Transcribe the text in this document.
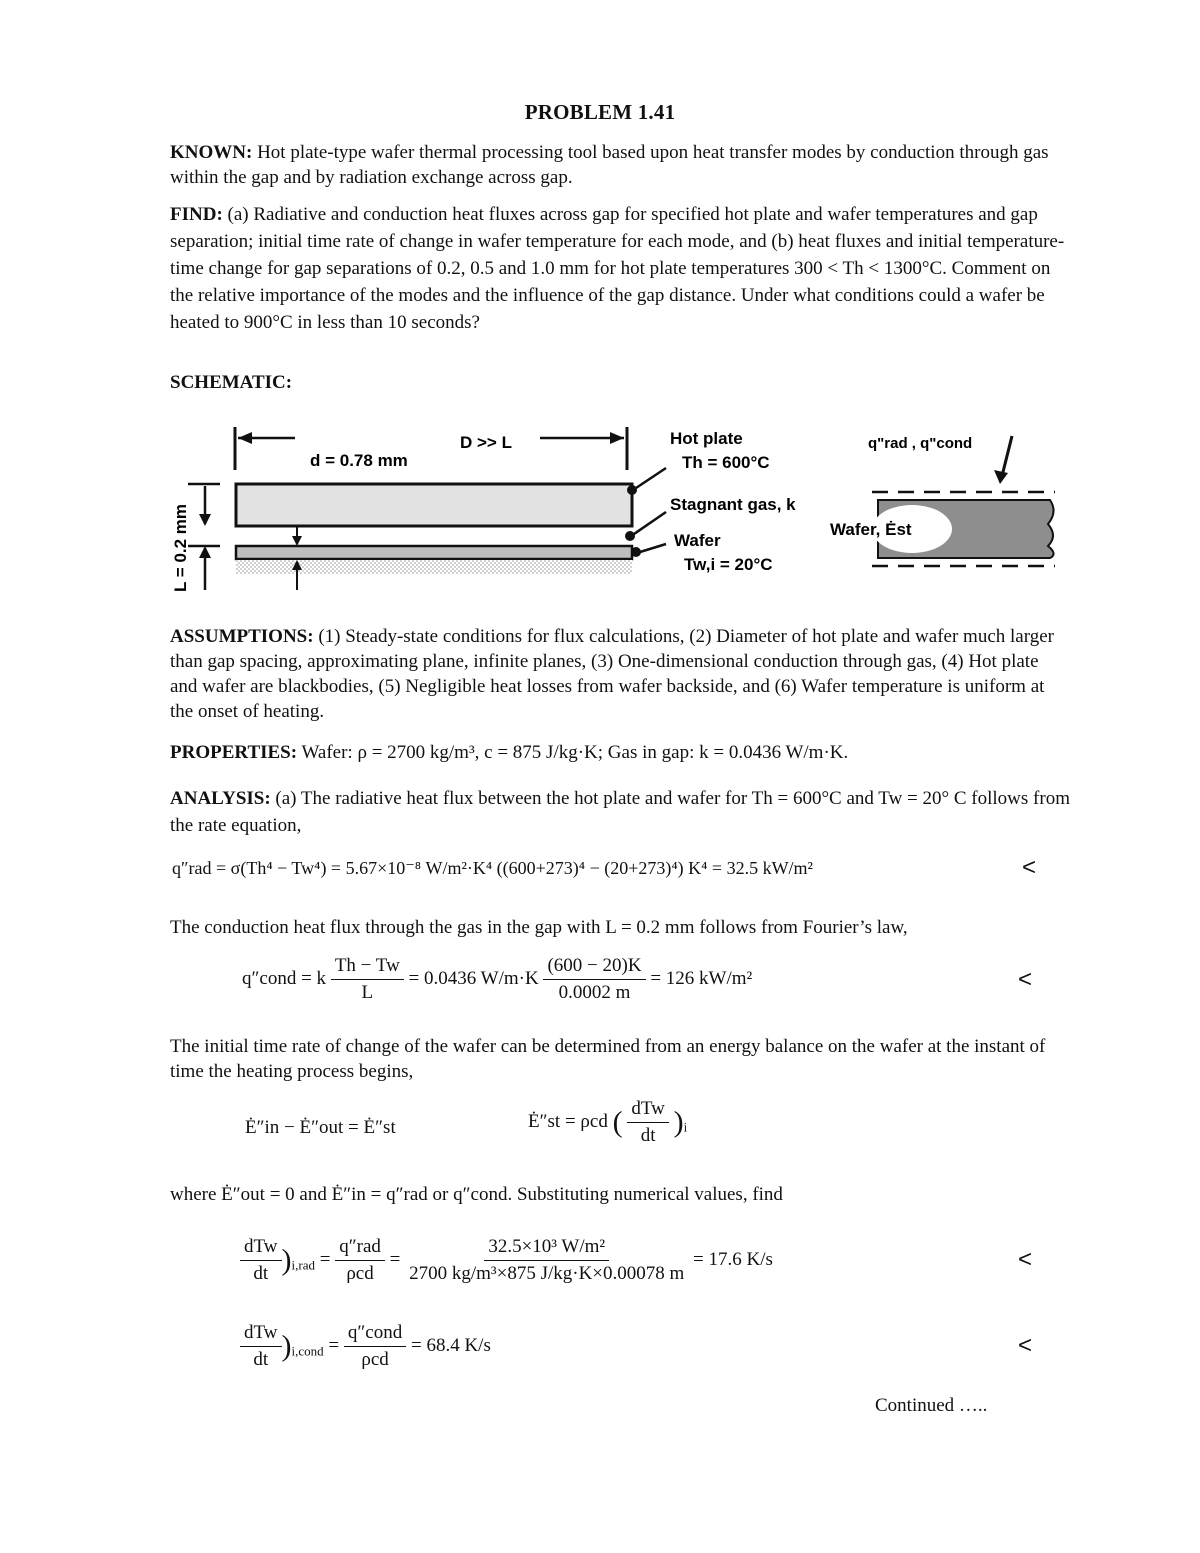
PROBLEM 1.41
KNOWN: Hot plate-type wafer thermal processing tool based upon heat transfer modes by conduction through gas within the gap and by radiation exchange across gap.
FIND: (a) Radiative and conduction heat fluxes across gap for specified hot plate and wafer temperatures and gap separation; initial time rate of change in wafer temperature for each mode, and (b) heat fluxes and initial temperature-time change for gap separations of 0.2, 0.5 and 1.0 mm for hot plate temperatures 300 < Th < 1300°C. Comment on the relative importance of the modes and the influence of the gap distance. Under what conditions could a wafer be heated to 900°C in less than 10 seconds?
SCHEMATIC:
d = 0.78 mm
D >> L
L = 0.2 mm
Hot plate
Th = 600°C
Stagnant gas, k
Wafer
Tw,i = 20°C
q"rad , q"cond
Wafer, Ėst
ASSUMPTIONS: (1) Steady-state conditions for flux calculations, (2) Diameter of hot plate and wafer much larger than gap spacing, approximating plane, infinite planes, (3) One-dimensional conduction through gas, (4) Hot plate and wafer are blackbodies, (5) Negligible heat losses from wafer backside, and (6) Wafer temperature is uniform at the onset of heating.
PROPERTIES: Wafer: ρ = 2700 kg/m³, c = 875 J/kg·K; Gas in gap: k = 0.0436 W/m·K.
ANALYSIS: (a) The radiative heat flux between the hot plate and wafer for Th = 600°C and Tw = 20° C follows from the rate equation,
q″rad = σ(Th⁴ − Tw⁴) = 5.67×10⁻⁸ W/m²·K⁴ ((600+273)⁴ − (20+273)⁴) K⁴ = 32.5 kW/m²	<
The conduction heat flux through the gas in the gap with L = 0.2 mm follows from Fourier’s law,
q″cond = k $\frac{Th - Tw}{L} = 0.0436$ $W/m\cdot K \frac{(600 - 20)K}{0.0002 m} = 126$ kW/m²	<
The initial time rate of change of the wafer can be determined from an energy balance on the wafer at the instant of time the heating process begins,
Ė″in − Ė″out = Ė″st	Ė″st = ρcd ( $\frac{\text{dTw}}{dt} )_i$
where Ė″out = 0 and Ė″in = q″rad or q″cond. Substituting numerical values, find
$\frac{\text{dTw}}{dt} )_{i,rad} = \frac{\text{q″rad}}{\text{ρcd}} = \frac{\text{32.5×10³ W/m²}}{\text{2700 kg/m³×875 J/kg·K×0.00078 m}} = 17.6$ K/s	<
$\frac{\text{dTw}}{dt} )_{i,cond} = \frac{\text{q″cond}}{\text{ρcd}} = 68.4$ K/s	<
Continued …..
